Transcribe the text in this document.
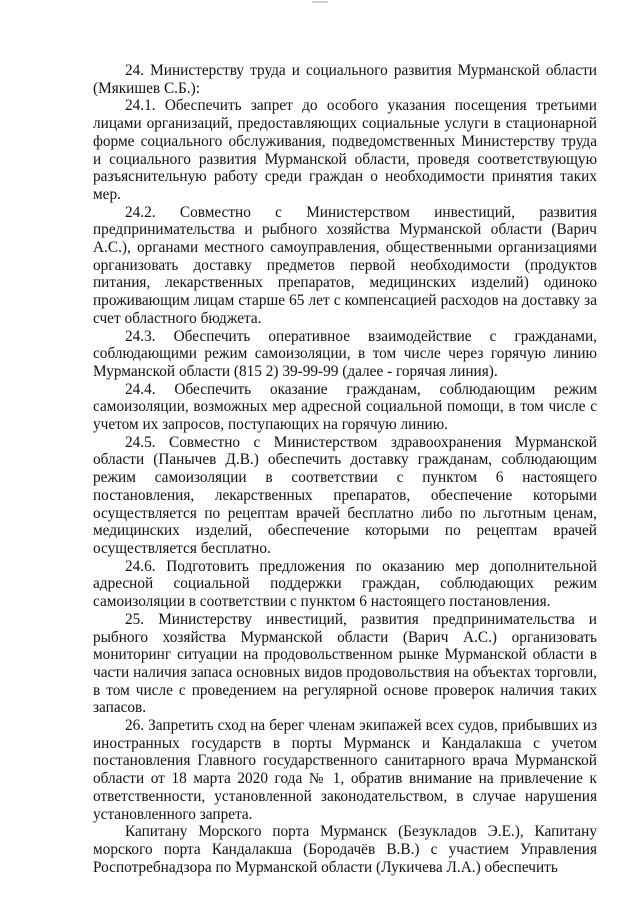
24. Министерству труда и социального развития Мурманской области (Мякишев С.Б.):

24.1. Обеспечить запрет до особого указания посещения третьими лицами организаций, предоставляющих социальные услуги в стационарной форме социального обслуживания, подведомственных Министерству труда и социального развития Мурманской области, проведя соответствующую разъяснительную работу среди граждан о необходимости принятия таких мер.

24.2. Совместно с Министерством инвестиций, развития предпринимательства и рыбного хозяйства Мурманской области (Варич А.С.), органами местного самоуправления, общественными организациями организовать доставку предметов первой необходимости (продуктов питания, лекарственных препаратов, медицинских изделий) одиноко проживающим лицам старше 65 лет с компенсацией расходов на доставку за счет областного бюджета.

24.3. Обеспечить оперативное взаимодействие с гражданами, соблюдающими режим самоизоляции, в том числе через горячую линию Мурманской области (815 2) 39-99-99 (далее - горячая линия).

24.4. Обеспечить оказание гражданам, соблюдающим режим самоизоляции, возможных мер адресной социальной помощи, в том числе с учетом их запросов, поступающих на горячую линию.

24.5. Совместно с Министерством здравоохранения Мурманской области (Панычев Д.В.) обеспечить доставку гражданам, соблюдающим режим самоизоляции в соответствии с пунктом 6 настоящего постановления, лекарственных препаратов, обеспечение которыми осуществляется по рецептам врачей бесплатно либо по льготным ценам, медицинских изделий, обеспечение которыми по рецептам врачей осуществляется бесплатно.

24.6. Подготовить предложения по оказанию мер дополнительной адресной социальной поддержки граждан, соблюдающих режим самоизоляции в соответствии с пунктом 6 настоящего постановления.

25. Министерству инвестиций, развития предпринимательства и рыбного хозяйства Мурманской области (Варич А.С.) организовать мониторинг ситуации на продовольственном рынке Мурманской области в части наличия запаса основных видов продовольствия на объектах торговли, в том числе с проведением на регулярной основе проверок наличия таких запасов.

26. Запретить сход на берег членам экипажей всех судов, прибывших из иностранных государств в порты Мурманск и Кандалакша с учетом постановления Главного государственного санитарного врача Мурманской области от 18 марта 2020 года № 1, обратив внимание на привлечение к ответственности, установленной законодательством, в случае нарушения установленного запрета.

Капитану Морского порта Мурманск (Безукладов Э.Е.), Капитану морского порта Кандалакша (Бородачёв В.В.) с участием Управления Роспотребнадзора по Мурманской области (Лукичева Л.А.) обеспечить
